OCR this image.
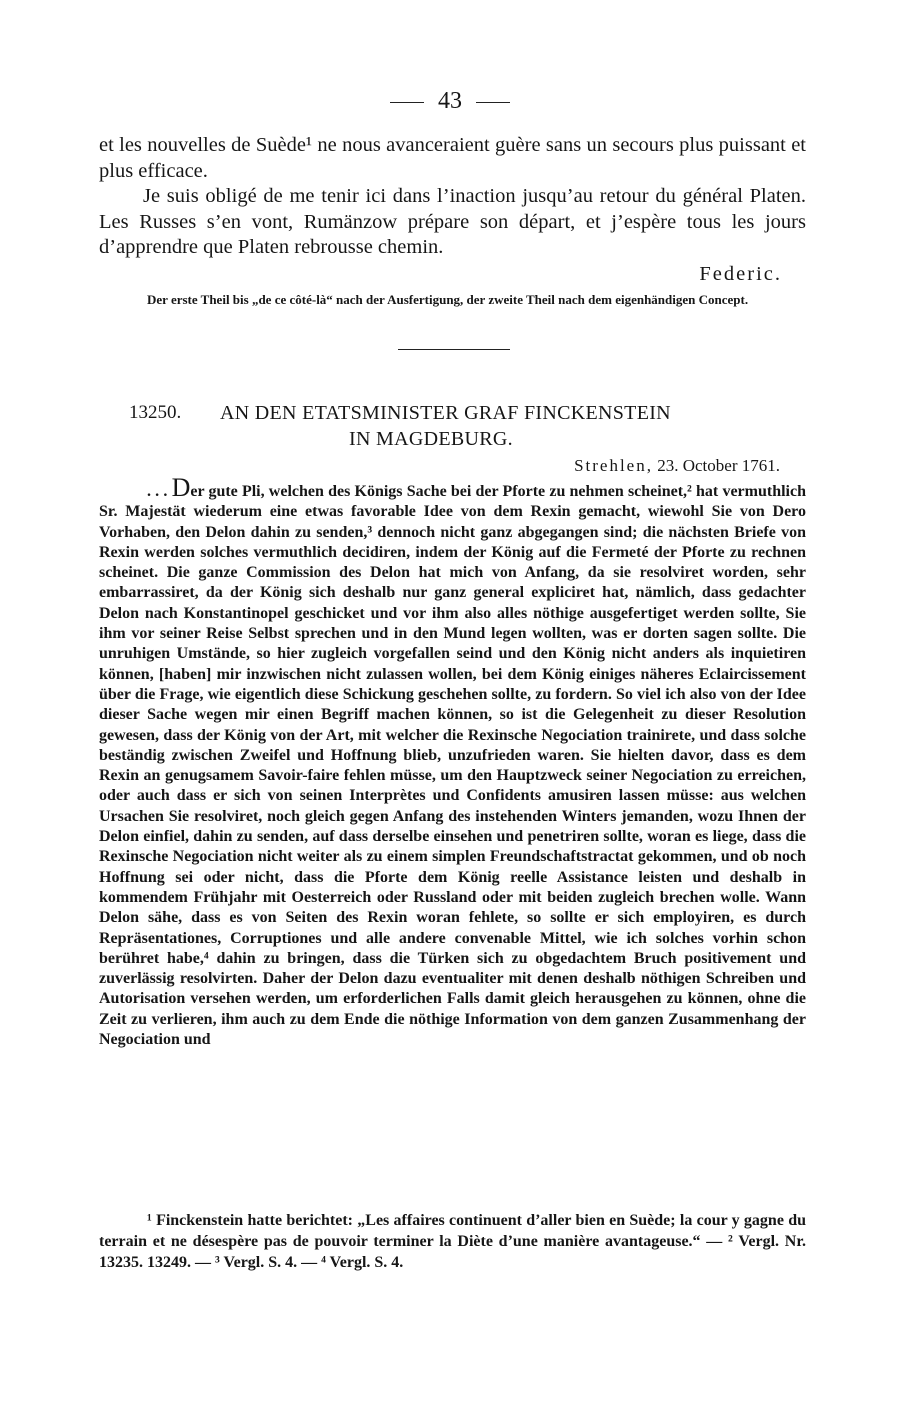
43

et les nouvelles de Suède¹ ne nous avanceraient guère sans un secours plus puissant et plus efficace.

Je suis obligé de me tenir ici dans l’inaction jusqu’au retour du général Platen. Les Russes s’en vont, Rumänzow prépare son départ, et j’espère tous les jours d’apprendre que Platen rebrousse chemin.

Federic.
Der erste Theil bis „de ce côté-là“ nach der Ausfertigung, der zweite Theil nach dem eigenhändigen Concept.
13250. AN DEN ETATSMINISTER GRAF FINCKENSTEIN
IN MAGDEBURG.
Strehlen, 23. October 1761.

. . . Der gute Pli, welchen des Königs Sache bei der Pforte zu nehmen scheinet,² hat vermuthlich Sr. Majestät wiederum eine etwas favorable Idee von dem Rexin gemacht, wiewohl Sie von Dero Vorhaben, den Delon dahin zu senden,³ dennoch nicht ganz abgegangen sind; die nächsten Briefe von Rexin werden solches vermuthlich decidiren, indem der König auf die Fermeté der Pforte zu rechnen scheinet. Die ganze Commission des Delon hat mich von Anfang, da sie resolviret worden, sehr embarrassiret, da der König sich deshalb nur ganz general expliciret hat, nämlich, dass gedachter Delon nach Konstantinopel geschicket und vor ihm also alles nöthige ausgefertiget werden sollte, Sie ihm vor seiner Reise Selbst sprechen und in den Mund legen wollten, was er dorten sagen sollte. Die unruhigen Umstände, so hier zugleich vorgefallen seind und den König nicht anders als inquietiren können, [haben] mir inzwischen nicht zulassen wollen, bei dem König einiges näheres Eclaircissement über die Frage, wie eigentlich diese Schickung geschehen sollte, zu fordern. So viel ich also von der Idee dieser Sache wegen mir einen Begriff machen können, so ist die Gelegenheit zu dieser Resolution gewesen, dass der König von der Art, mit welcher die Rexinsche Negociation trainirete, und dass solche beständig zwischen Zweifel und Hoffnung blieb, unzufrieden waren. Sie hielten davor, dass es dem Rexin an genugsamem Savoir-faire fehlen müsse, um den Hauptzweck seiner Negociation zu erreichen, oder auch dass er sich von seinen Interprètes und Confidents amusiren lassen müsse: aus welchen Ursachen Sie resolviret, noch gleich gegen Anfang des instehenden Winters jemanden, wozu Ihnen der Delon einfiel, dahin zu senden, auf dass derselbe einsehen und penetriren sollte, woran es liege, dass die Rexinsche Negociation nicht weiter als zu einem simplen Freundschaftstractat gekommen, und ob noch Hoffnung sei oder nicht, dass die Pforte dem König reelle Assistance leisten und deshalb in kommendem Frühjahr mit Oesterreich oder Russland oder mit beiden zugleich brechen wolle. Wann Delon sähe, dass es von Seiten des Rexin woran fehlete, so sollte er sich employiren, es durch Repräsentationes, Corruptiones und alle andere convenable Mittel, wie ich solches vorhin schon berühret habe,⁴ dahin zu bringen, dass die Türken sich zu obgedachtem Bruch positivement und zuverlässig resolvirten. Daher der Delon dazu eventualiter mit denen deshalb nöthigen Schreiben und Autorisation versehen werden, um erforderlichen Falls damit gleich herausgehen zu können, ohne die Zeit zu verlieren, ihm auch zu dem Ende die nöthige Information von dem ganzen Zusammenhang der Negociation und

¹ Finckenstein hatte berichtet: „Les affaires continuent d’aller bien en Suède; la cour y gagne du terrain et ne désespère pas de pouvoir terminer la Diète d’une manière avantageuse.“ — ² Vergl. Nr. 13235. 13249. — ³ Vergl. S. 4. — ⁴ Vergl. S. 4.
